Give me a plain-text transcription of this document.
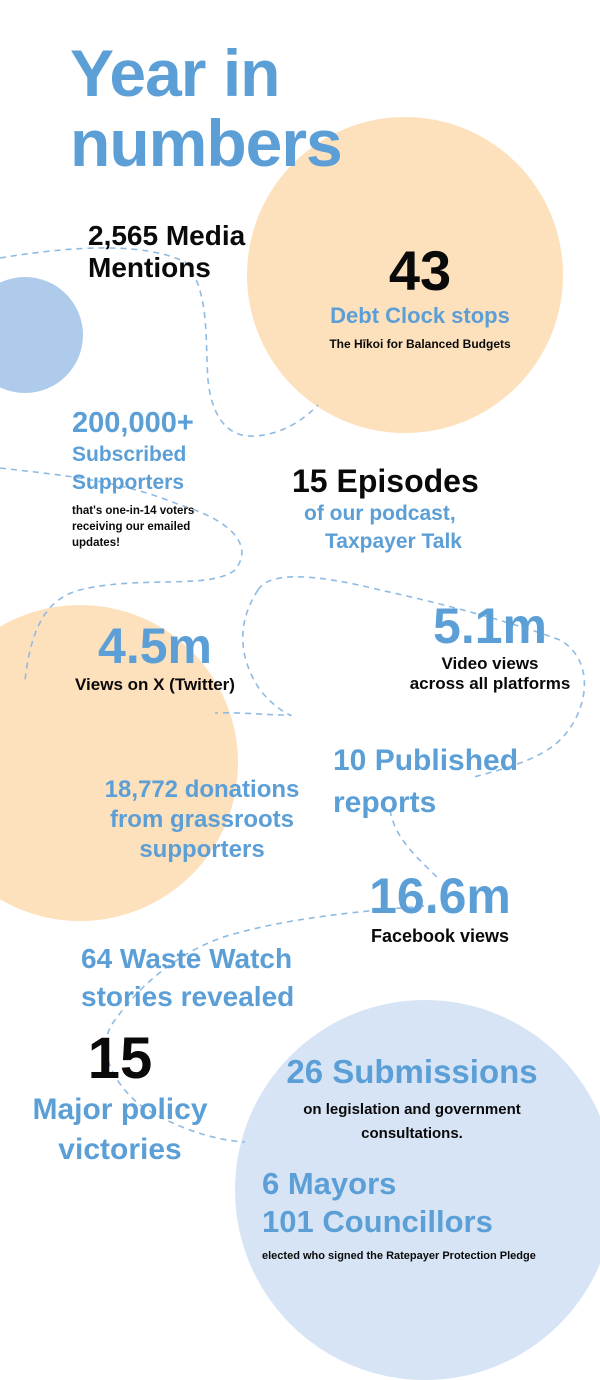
Year in
numbers
2,565 Media
Mentions	43
Debt Clock stops
The Hīkoi for Balanced Budgets
200,000+
Subscribed
Supporters
that's one-in-14 voters
receiving our emailed
updates!
15 Episodes
of our podcast,
Taxpayer Talk
4.5m
Views on X (Twitter)
5.1m
Video views
across all platforms
10 Published
reports
18,772 donations
from grassroots
supporters
16.6m
Facebook views
64 Waste Watch
stories revealed
15
Major policy
victories
26 Submissions
on legislation and government
consultations.
6 Mayors
101 Councillors
elected who signed the Ratepayer Protection Pledge
